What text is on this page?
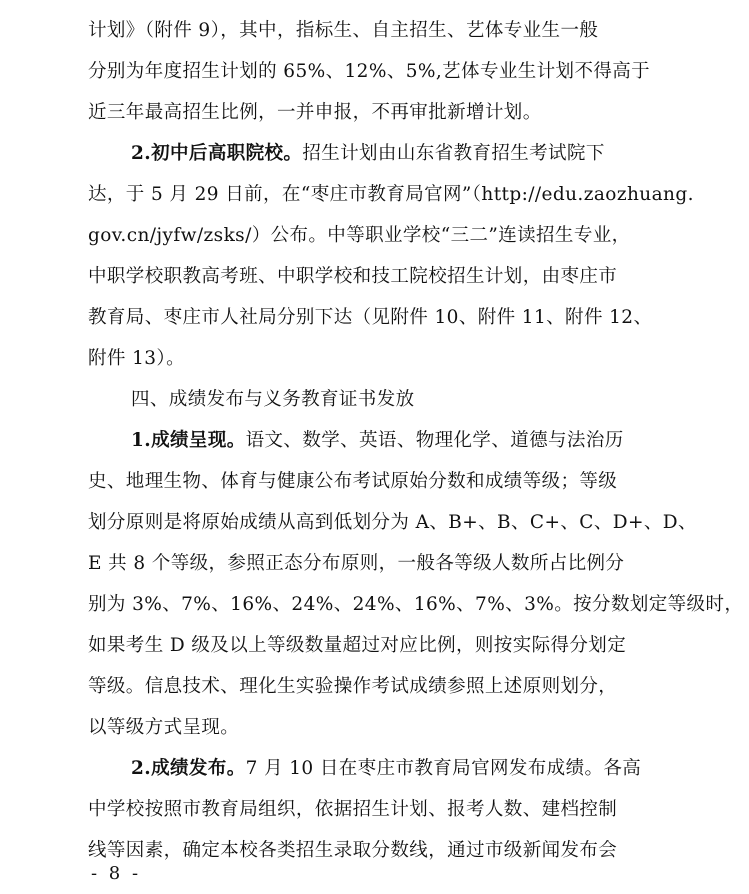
计划》（附件 9），其中，指标生、自主招生、艺体专业生一般
分别为年度招生计划的 65%、12%、5%,艺体专业生计划不得高于
近三年最高招生比例，一并申报，不再审批新增计划。
2.初中后高职院校。招生计划由山东省教育招生考试院下
达，于 5 月 29 日前，在“枣庄市教育局官网”（http://edu.zaozhuang.
gov.cn/jyfw/zsks/）公布。中等职业学校“三二”连读招生专业，
中职学校职教高考班、中职学校和技工院校招生计划，由枣庄市
教育局、枣庄市人社局分别下达（见附件 10、附件 11、附件 12、
附件 13）。
四、成绩发布与义务教育证书发放
1.成绩呈现。语文、数学、英语、物理化学、道德与法治历
史、地理生物、体育与健康公布考试原始分数和成绩等级；等级
划分原则是将原始成绩从高到低划分为 A、B+、B、C+、C、D+、D、
E 共 8 个等级，参照正态分布原则，一般各等级人数所占比例分
别为 3%、7%、16%、24%、24%、16%、7%、3%。按分数划定等级时，
如果考生 D 级及以上等级数量超过对应比例，则按实际得分划定
等级。信息技术、理化生实验操作考试成绩参照上述原则划分，
以等级方式呈现。
2.成绩发布。7 月 10 日在枣庄市教育局官网发布成绩。各高
中学校按照市教育局组织，依据招生计划、报考人数、建档控制
线等因素，确定本校各类招生录取分数线，通过市级新闻发布会
- 8 -
